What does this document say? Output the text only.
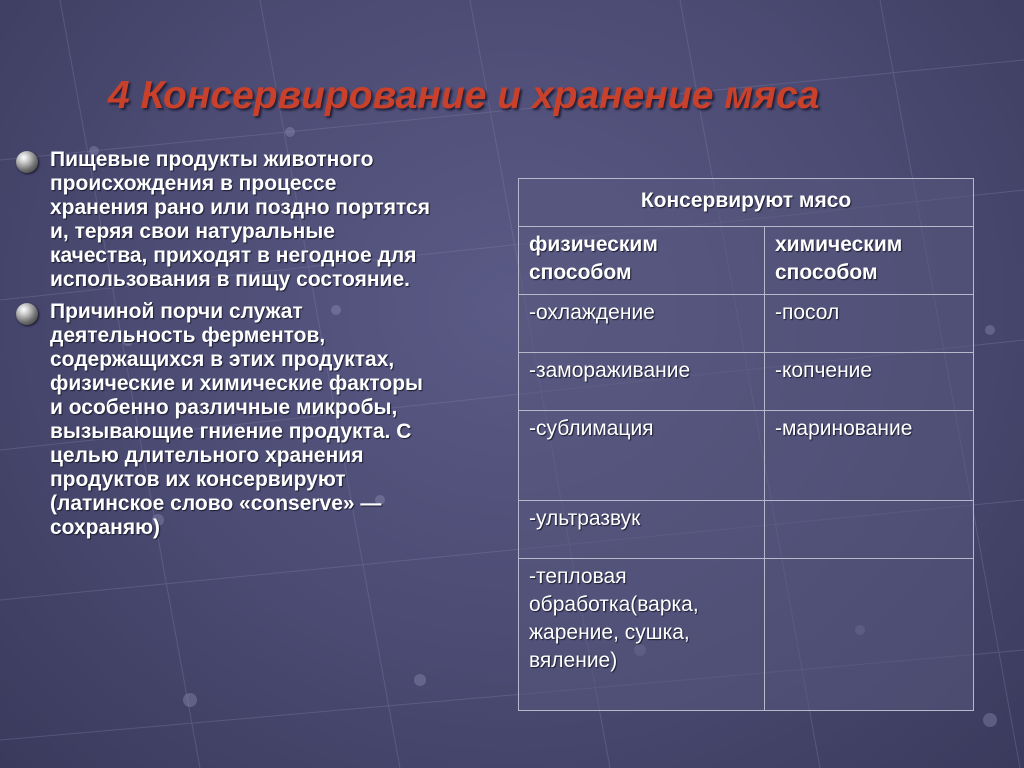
4 Консервирование и хранение мяса
Пищевые продукты животного происхождения в процессе хранения рано или поздно портятся и, теряя свои натуральные качества, приходят в негодное для использования в пищу состояние.
Причиной порчи служат деятельность ферментов, содержащихся в этих продуктах, физические и химические факторы и особенно различные микробы, вызывающие гниение продукта. С целью длительного хранения продуктов их консервируют (латинское слово «conserve» — сохраняю)
Консервируют мясо	
физическим способом	химическим способом
-охлаждение	-посол
-замораживание	-копчение
-сублимация	-маринование
-ультразвук	
-тепловая обработка(варка, жарение, сушка, вяление)	
